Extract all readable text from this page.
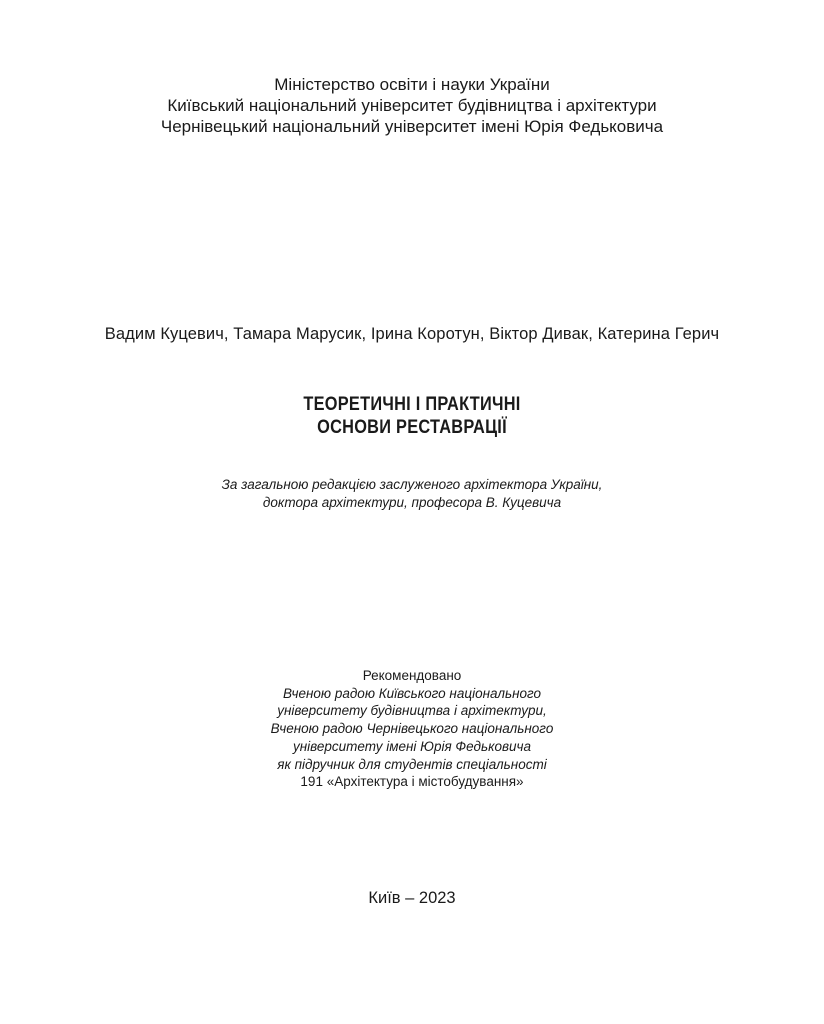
Міністерство освіти і науки України
Київський національний університет будівництва і архітектури
Чернівецький національний університет імені Юрія Федьковича
Вадим Куцевич, Тамара Марусик, Ірина Коротун, Віктор Дивак, Катерина Герич
ТЕОРЕТИЧНІ І ПРАКТИЧНІ
ОСНОВИ РЕСТАВРАЦІЇ
За загальною редакцією заслуженого архітектора України,
доктора архітектури, професора В. Куцевича
Рекомендовано
Вченою радою Київського національного
університету будівництва і архітектури,
Вченою радою Чернівецького національного
університету імені Юрія Федьковича
як підручник для студентів спеціальності
191 «Архітектура і містобудування»
Київ – 2023
